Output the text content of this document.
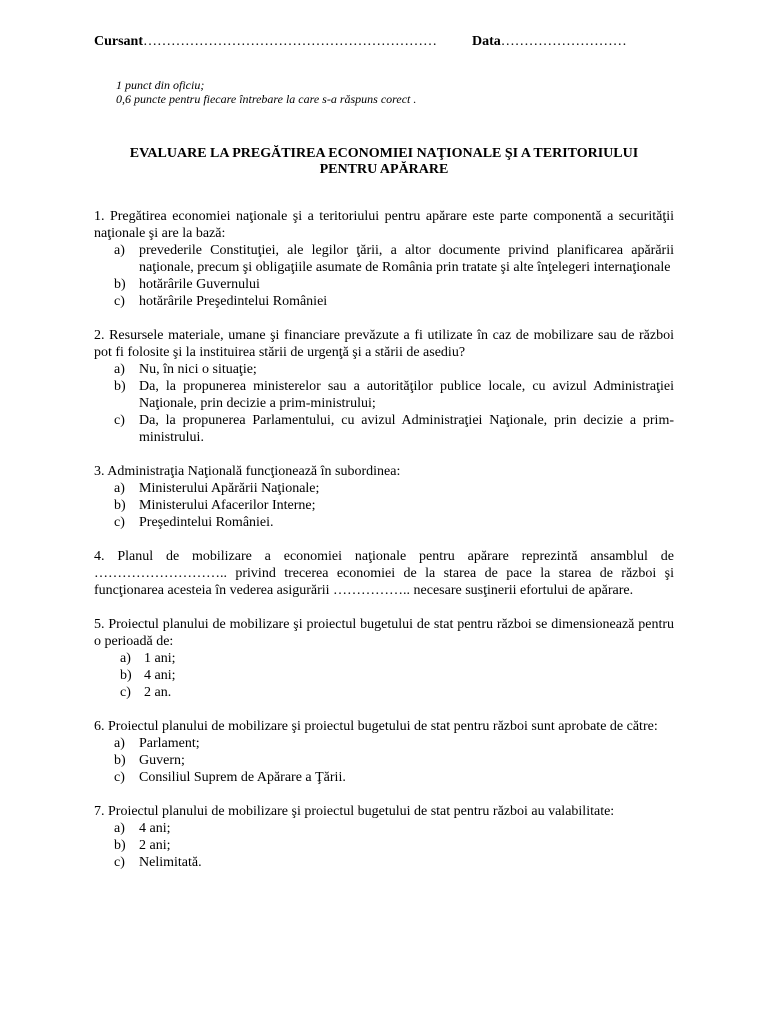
Cursant……………………………………………………… Data………………………
1 punct din oficiu;
0,6 puncte pentru fiecare întrebare la care s-a răspuns corect .
EVALUARE LA PREGĂTIREA ECONOMIEI NAŢIONALE ŞI A TERITORIULUI
PENTRU APĂRARE
1. Pregătirea economiei naţionale şi a teritoriului pentru apărare este parte componentă a securităţii naţionale şi are la bază:
a) prevederile Constituţiei, ale legilor ţării, a altor documente privind planificarea apărării naţionale, precum şi obligaţiile asumate de România prin tratate şi alte înţelegeri internaţionale
b) hotărârile Guvernului
c) hotărârile Preşedintelui României
2. Resursele materiale, umane şi financiare prevăzute a fi utilizate în caz de mobilizare sau de război pot fi folosite şi la instituirea stării de urgenţă şi a stării de asediu?
a) Nu, în nici o situaţie;
b) Da, la propunerea ministerelor sau a autorităţilor publice locale, cu avizul Administraţiei Naţionale, prin decizie a prim-ministrului;
c) Da, la propunerea Parlamentului, cu avizul Administraţiei Naţionale, prin decizie a prim-ministrului.
3. Administraţia Naţională funcţionează în subordinea:
a) Ministerului Apărării Naţionale;
b) Ministerului Afacerilor Interne;
c) Preşedintelui României.
4. Planul de mobilizare a economiei naţionale pentru apărare reprezintă ansamblul de ……………………….. privind trecerea economiei de la starea de pace la starea de război şi funcţionarea acesteia în vederea asigurării …………….. necesare susţinerii efortului de apărare.
5. Proiectul planului de mobilizare şi proiectul bugetului de stat pentru război se dimensionează pentru o perioadă de:
a) 1 ani;
b) 4 ani;
c) 2 an.
6. Proiectul planului de mobilizare şi proiectul bugetului de stat pentru război sunt aprobate de către:
a) Parlament;
b) Guvern;
c) Consiliul Suprem de Apărare a Ţării.
7. Proiectul planului de mobilizare şi proiectul bugetului de stat pentru război au valabilitate:
a) 4 ani;
b) 2 ani;
c) Nelimitată.
